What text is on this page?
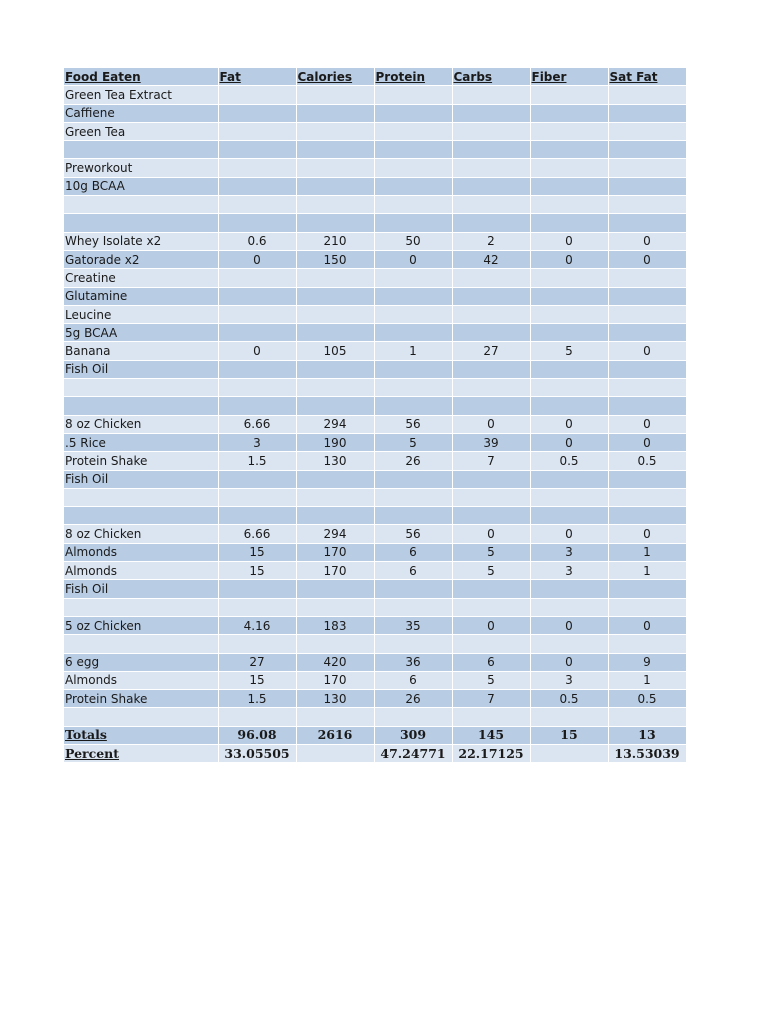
Food Eaten	Fat	Calories	Protein	Carbs	Fiber	Sat Fat
Green Tea Extract						
Caffiene						
Green Tea						

Preworkout						
10g BCAA						

Whey Isolate x2	0.6	210	50	2	0	0
Gatorade x2	0	150	0	42	0	0
Creatine						
Glutamine						
Leucine						
5g BCAA						
Banana	0	105	1	27	5	0
Fish Oil						

8 oz Chicken	6.66	294	56	0	0	0
.5 Rice	3	190	5	39	0	0
Protein Shake	1.5	130	26	7	0.5	0.5
Fish Oil						

8 oz Chicken	6.66	294	56	0	0	0
Almonds	15	170	6	5	3	1
Almonds	15	170	6	5	3	1
Fish Oil						

5 oz Chicken	4.16	183	35	0	0	0

6 egg	27	420	36	6	0	9
Almonds	15	170	6	5	3	1
Protein Shake	1.5	130	26	7	0.5	0.5

Totals	96.08	2616	309	145	15	13
Percent	33.05505		47.24771	22.17125		13.53039
